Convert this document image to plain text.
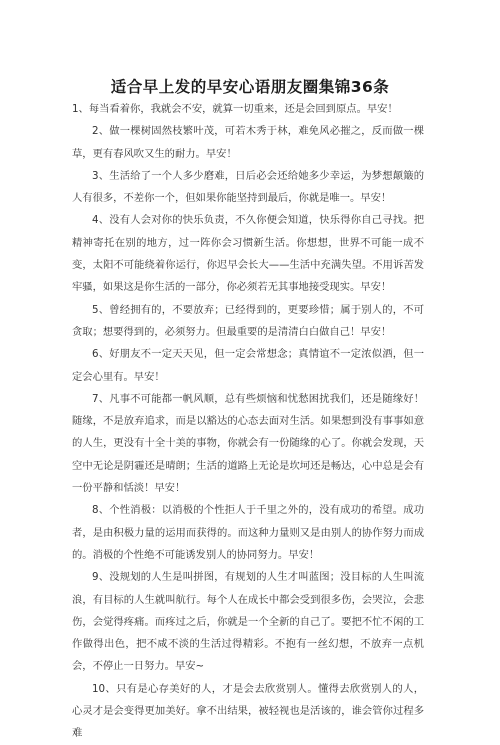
适合早上发的早安心语朋友圈集锦36条

1、每当看着你，我就会不安，就算一切重来，还是会回到原点。早安！

2、做一棵树固然枝繁叶茂，可若木秀于林，难免风必摧之，反而做一棵草，更有春风吹又生的耐力。早安！

3、生活给了一个人多少磨难，日后必会还给她多少幸运，为梦想颠簸的人有很多，不差你一个，但如果你能坚持到最后，你就是唯一。早安！

4、没有人会对你的快乐负责，不久你便会知道，快乐得你自己寻找。把精神寄托在别的地方，过一阵你会习惯新生活。你想想，世界不可能一成不变，太阳不可能绕着你运行，你迟早会长大——生活中充满失望。不用诉苦发牢骚，如果这是你生活的一部分，你必须若无其事地接受现实。早安！

5、曾经拥有的，不要放弃；已经得到的，更要珍惜；属于别人的，不可贪取；想要得到的，必须努力。但最重要的是清清白白做自己！早安！

6、好朋友不一定天天见，但一定会常想念；真情谊不一定浓似酒，但一定会心里有。早安！

7、凡事不可能都一帆风顺，总有些烦恼和忧愁困扰我们，还是随缘好！随缘，不是放弃追求，而是以豁达的心态去面对生活。如果想到没有事事如意的人生，更没有十全十美的事物，你就会有一份随缘的心了。你就会发现，天空中无论是阴霾还是晴朗；生活的道路上无论是坎坷还是畅达，心中总是会有一份平静和恬淡！早安！

8、个性消极：以消极的个性拒人于千里之外的，没有成功的希望。成功者，是由积极力量的运用而获得的。而这种力量则又是由别人的协作努力而成的。消极的个性绝不可能诱发别人的协同努力。早安！

9、没规划的人生是叫拼图，有规划的人生才叫蓝图；没目标的人生叫流浪，有目标的人生就叫航行。每个人在成长中都会受到很多伤，会哭泣，会悲伤，会觉得疼痛。而疼过之后，你就是一个全新的自己了。要把不忙不闲的工作做得出色，把不咸不淡的生活过得精彩。不抱有一丝幻想，不放弃一点机会，不停止一日努力。早安~

10、只有是心存美好的人，才是会去欣赏别人。懂得去欣赏别人的人，心灵才是会变得更加美好。拿不出结果，被轻视也是活该的，谁会管你过程多难
